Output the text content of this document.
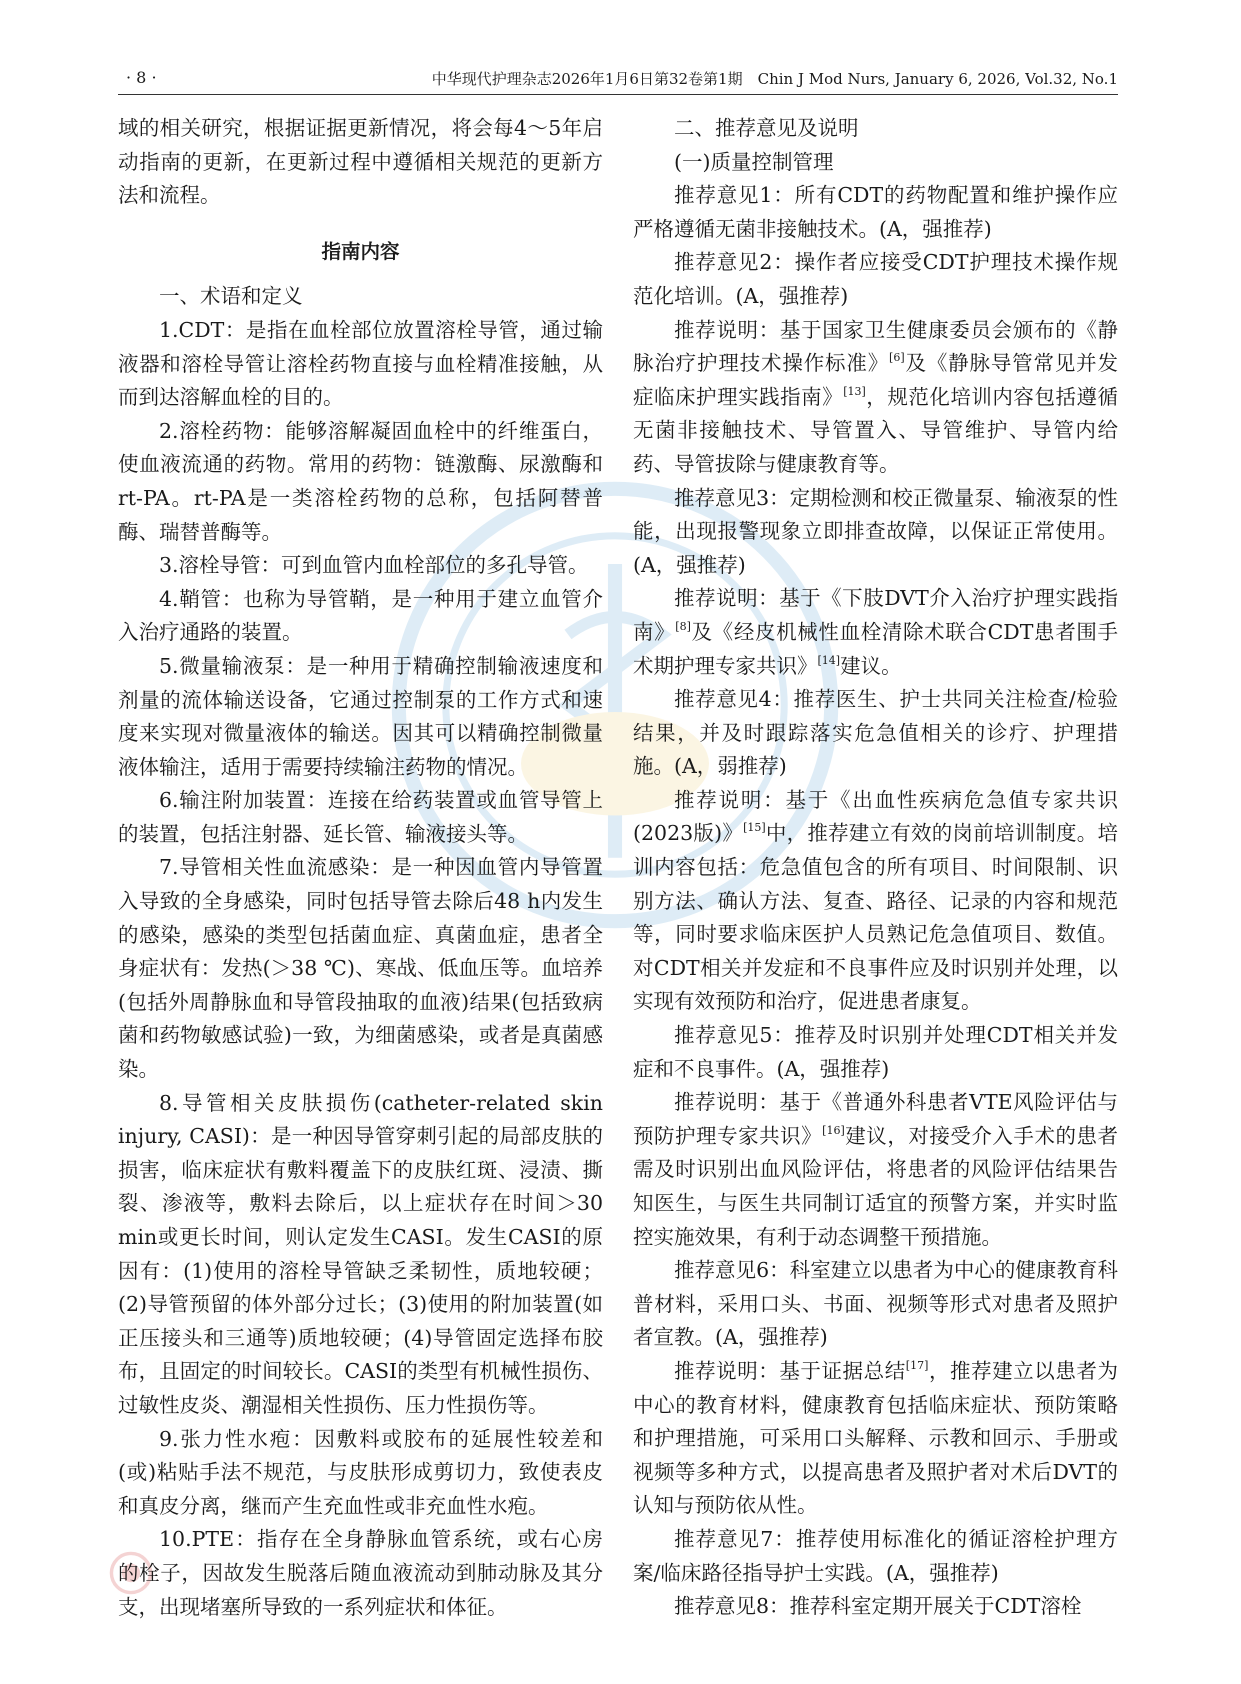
· 8 ·	中华现代护理杂志2026年1月6日第32卷第1期　Chin J Mod Nurs, January 6, 2026, Vol.32, No.1

域的相关研究，根据证据更新情况，将会每4～5年启动指南的更新，在更新过程中遵循相关规范的更新方法和流程。

指南内容

一、术语和定义

1.CDT：是指在血栓部位放置溶栓导管，通过输液器和溶栓导管让溶栓药物直接与血栓精准接触，从而到达溶解血栓的目的。

2.溶栓药物：能够溶解凝固血栓中的纤维蛋白，使血液流通的药物。常用的药物：链激酶、尿激酶和rt-PA。rt-PA是一类溶栓药物的总称，包括阿替普酶、瑞替普酶等。

3.溶栓导管：可到血管内血栓部位的多孔导管。

4.鞘管：也称为导管鞘，是一种用于建立血管介入治疗通路的装置。

5.微量输液泵：是一种用于精确控制输液速度和剂量的流体输送设备，它通过控制泵的工作方式和速度来实现对微量液体的输送。因其可以精确控制微量液体输注，适用于需要持续输注药物的情况。

6.输注附加装置：连接在给药装置或血管导管上的装置，包括注射器、延长管、输液接头等。

7.导管相关性血流感染：是一种因血管内导管置入导致的全身感染，同时包括导管去除后48 h内发生的感染，感染的类型包括菌血症、真菌血症，患者全身症状有：发热(＞38 ℃)、寒战、低血压等。血培养(包括外周静脉血和导管段抽取的血液)结果(包括致病菌和药物敏感试验)一致，为细菌感染，或者是真菌感染。

8.导管相关皮肤损伤(catheter-related skin injury, CASI)：是一种因导管穿刺引起的局部皮肤的损害，临床症状有敷料覆盖下的皮肤红斑、浸渍、撕裂、渗液等，敷料去除后，以上症状存在时间＞30 min或更长时间，则认定发生CASI。发生CASI的原因有：(1)使用的溶栓导管缺乏柔韧性，质地较硬；(2)导管预留的体外部分过长；(3)使用的附加装置(如正压接头和三通等)质地较硬；(4)导管固定选择布胶布，且固定的时间较长。CASI的类型有机械性损伤、过敏性皮炎、潮湿相关性损伤、压力性损伤等。

9.张力性水疱：因敷料或胶布的延展性较差和(或)粘贴手法不规范，与皮肤形成剪切力，致使表皮和真皮分离，继而产生充血性或非充血性水疱。

10.PTE：指存在全身静脉血管系统，或右心房的栓子，因故发生脱落后随血液流动到肺动脉及其分支，出现堵塞所导致的一系列症状和体征。

二、推荐意见及说明

(一)质量控制管理

推荐意见1：所有CDT的药物配置和维护操作应严格遵循无菌非接触技术。(A，强推荐)

推荐意见2：操作者应接受CDT护理技术操作规范化培训。(A，强推荐)

推荐说明：基于国家卫生健康委员会颁布的《静脉治疗护理技术操作标准》[6]及《静脉导管常见并发症临床护理实践指南》[13]，规范化培训内容包括遵循无菌非接触技术、导管置入、导管维护、导管内给药、导管拔除与健康教育等。

推荐意见3：定期检测和校正微量泵、输液泵的性能，出现报警现象立即排查故障，以保证正常使用。(A，强推荐)

推荐说明：基于《下肢DVT介入治疗护理实践指南》[8]及《经皮机械性血栓清除术联合CDT患者围手术期护理专家共识》[14]建议。

推荐意见4：推荐医生、护士共同关注检查/检验结果，并及时跟踪落实危急值相关的诊疗、护理措施。(A，弱推荐)

推荐说明：基于《出血性疾病危急值专家共识(2023版)》[15]中，推荐建立有效的岗前培训制度。培训内容包括：危急值包含的所有项目、时间限制、识别方法、确认方法、复查、路径、记录的内容和规范等，同时要求临床医护人员熟记危急值项目、数值。对CDT相关并发症和不良事件应及时识别并处理，以实现有效预防和治疗，促进患者康复。

推荐意见5：推荐及时识别并处理CDT相关并发症和不良事件。(A，强推荐)

推荐说明：基于《普通外科患者VTE风险评估与预防护理专家共识》[16]建议，对接受介入手术的患者需及时识别出血风险评估，将患者的风险评估结果告知医生，与医生共同制订适宜的预警方案，并实时监控实施效果，有利于动态调整干预措施。

推荐意见6：科室建立以患者为中心的健康教育科普材料，采用口头、书面、视频等形式对患者及照护者宣教。(A，强推荐)

推荐说明：基于证据总结[17]，推荐建立以患者为中心的教育材料，健康教育包括临床症状、预防策略和护理措施，可采用口头解释、示教和回示、手册或视频等多种方式，以提高患者及照护者对术后DVT的认知与预防依从性。

推荐意见7：推荐使用标准化的循证溶栓护理方案/临床路径指导护士实践。(A，强推荐)

推荐意见8：推荐科室定期开展关于CDT溶栓
